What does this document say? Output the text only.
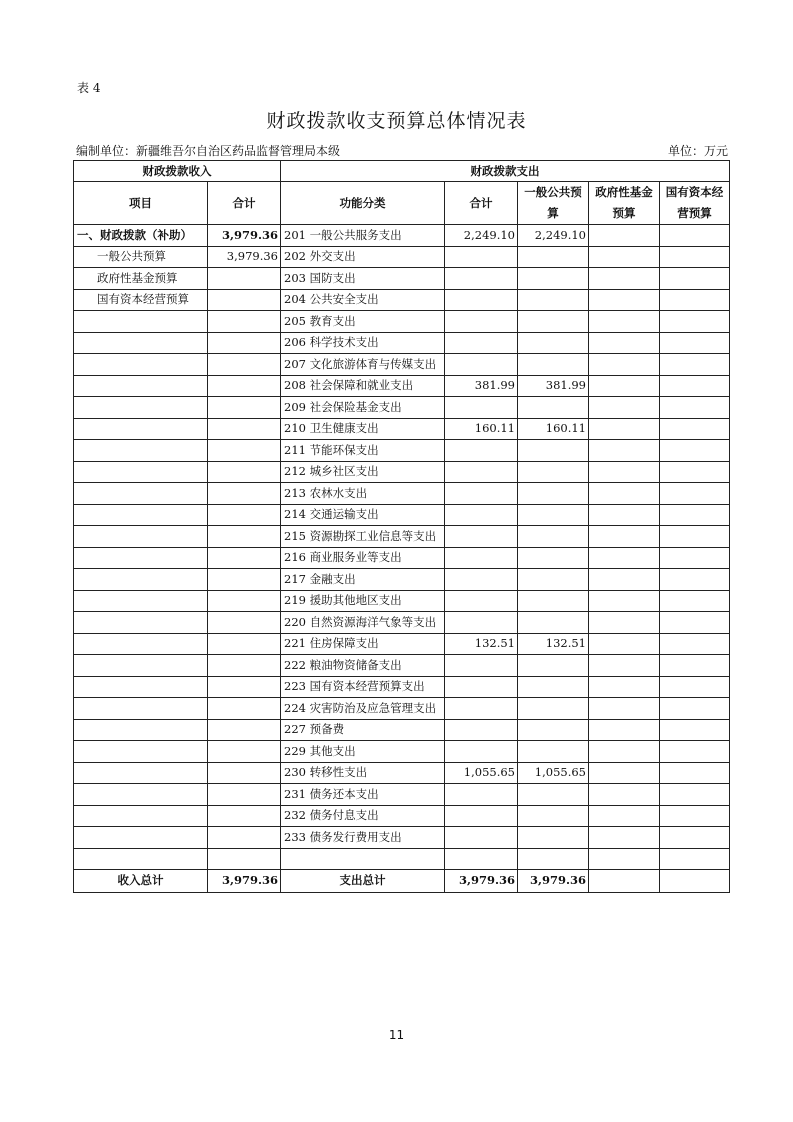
表 4
财政拨款收支预算总体情况表
编制单位：新疆维吾尔自治区药品监督管理局本级	单位：万元
财政拨款收入		财政拨款支出				
项目	合计	功能分类	合计	一般公共预算	政府性基金预算	国有资本经营预算
一、财政拨款（补助）	3,979.36	201 一般公共服务支出	2,249.10	2,249.10		
一般公共预算	3,979.36	202 外交支出				
政府性基金预算		203 国防支出				
国有资本经营预算		204 公共安全支出				
		205 教育支出				
		206 科学技术支出				
		207 文化旅游体育与传媒支出				
		208 社会保障和就业支出	381.99	381.99		
		209 社会保险基金支出				
		210 卫生健康支出	160.11	160.11		
		211 节能环保支出				
		212 城乡社区支出				
		213 农林水支出				
		214 交通运输支出				
		215 资源勘探工业信息等支出				
		216 商业服务业等支出				
		217 金融支出				
		219 援助其他地区支出				
		220 自然资源海洋气象等支出				
		221 住房保障支出	132.51	132.51		
		222 粮油物资储备支出				
		223 国有资本经营预算支出				
		224 灾害防治及应急管理支出				
		227 预备费				
		229 其他支出				
		230 转移性支出	1,055.65	1,055.65		
		231 债务还本支出				
		232 债务付息支出				
		233 债务发行费用支出				

收入总计	3,979.36	支出总计	3,979.36	3,979.36		
11
